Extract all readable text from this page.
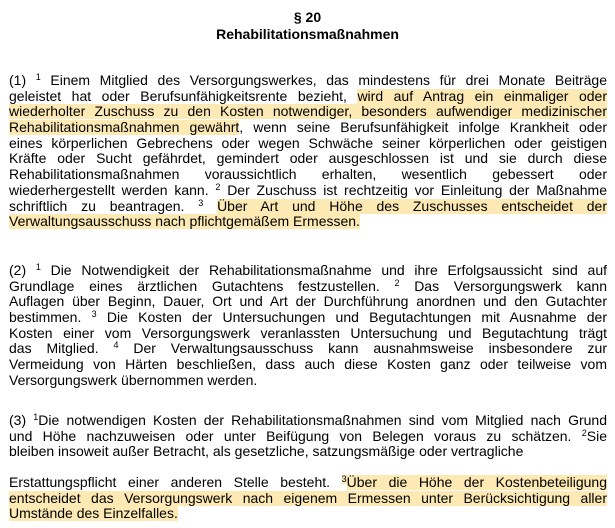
§ 20
Rehabilitationsmaßnahmen
(1) $^1$ Einem Mitglied des Versorgungswerkes, das mindestens für drei Monate Beiträge
geleistet hat oder Berufsunfähigkeitsrente bezieht, wird auf Antrag ein einmaliger oder
wiederholter Zuschuss zu den Kosten notwendiger, besonders aufwendiger medizinischer
Rehabilitationsmaßnahmen gewährt, wenn seine Berufsunfähigkeit infolge Krankheit oder
eines körperlichen Gebrechens oder wegen Schwäche seiner körperlichen oder geistigen
Kräfte oder Sucht gefährdet, gemindert oder ausgeschlossen ist und sie durch diese
Rehabilitationsmaßnahmen voraussichtlich erhalten, wesentlich gebessert oder
wiederhergestellt werden kann. $^2$ Der Zuschuss ist rechtzeitig vor Einleitung der Maßnahme
schriftlich zu beantragen. $^3$ Über Art und Höhe des Zuschusses entscheidet der
Verwaltungsausschuss nach pflichtgemäßem Ermessen.
(2) $^1$ Die Notwendigkeit der Rehabilitationsmaßnahme und ihre Erfolgsaussicht sind auf
Grundlage eines ärztlichen Gutachtens festzustellen. $^2$ Das Versorgungswerk kann
Auflagen über Beginn, Dauer, Ort und Art der Durchführung anordnen und den Gutachter
bestimmen. $^3$ Die Kosten der Untersuchungen und Begutachtungen mit Ausnahme der
Kosten einer vom Versorgungswerk veranlassten Untersuchung und Begutachtung trägt
das Mitglied. $^4$ Der Verwaltungsausschuss kann ausnahmsweise insbesondere zur
Vermeidung von Härten beschließen, dass auch diese Kosten ganz oder teilweise vom
Versorgungswerk übernommen werden.
(3) $^1$Die notwendigen Kosten der Rehabilitationsmaßnahmen sind vom Mitglied nach Grund
und Höhe nachzuweisen oder unter Beifügung von Belegen voraus zu schätzen. $^2$Sie
bleiben insoweit außer Betracht, als gesetzliche, satzungsmäßige oder vertragliche
Erstattungspflicht einer anderen Stelle besteht. $^3$Über die Höhe der Kostenbeteiligung
entscheidet das Versorgungswerk nach eigenem Ermessen unter Berücksichtigung aller
Umstände des Einzelfalles.
